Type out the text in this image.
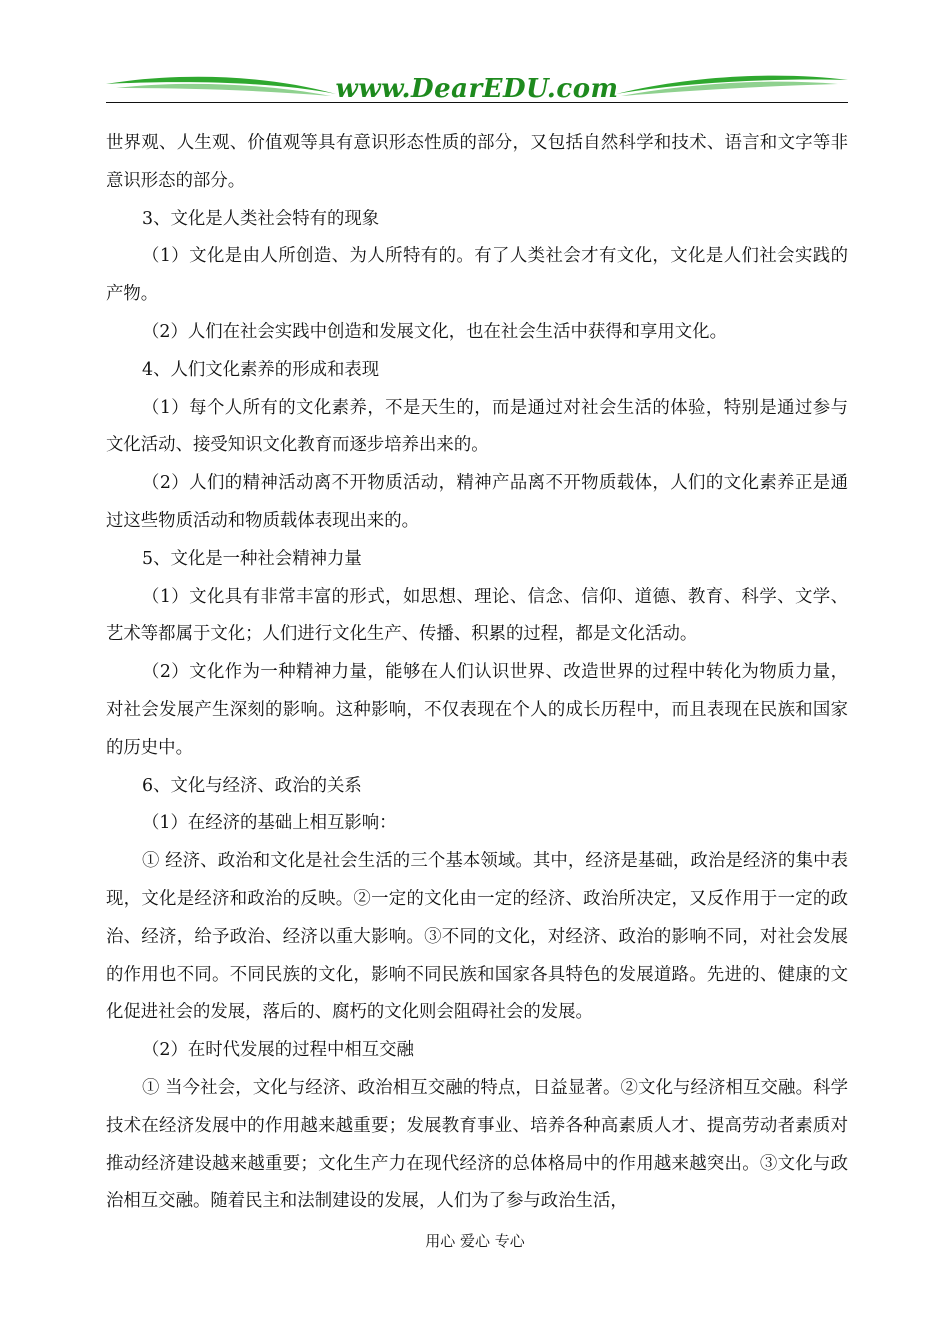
www.DearEDU.com

世界观、人生观、价值观等具有意识形态性质的部分，又包括自然科学和技术、语言和文字等非意识形态的部分。

3、文化是人类社会特有的现象

（1）文化是由人所创造、为人所特有的。有了人类社会才有文化，文化是人们社会实践的产物。

（2）人们在社会实践中创造和发展文化，也在社会生活中获得和享用文化。

4、人们文化素养的形成和表现

（1）每个人所有的文化素养，不是天生的，而是通过对社会生活的体验，特别是通过参与文化活动、接受知识文化教育而逐步培养出来的。

（2）人们的精神活动离不开物质活动，精神产品离不开物质载体，人们的文化素养正是通过这些物质活动和物质载体表现出来的。

5、文化是一种社会精神力量

（1）文化具有非常丰富的形式，如思想、理论、信念、信仰、道德、教育、科学、文学、艺术等都属于文化；人们进行文化生产、传播、积累的过程，都是文化活动。

（2）文化作为一种精神力量，能够在人们认识世界、改造世界的过程中转化为物质力量，对社会发展产生深刻的影响。这种影响，不仅表现在个人的成长历程中，而且表现在民族和国家的历史中。

6、文化与经济、政治的关系

（1）在经济的基础上相互影响：

① 经济、政治和文化是社会生活的三个基本领域。其中，经济是基础，政治是经济的集中表现，文化是经济和政治的反映。②一定的文化由一定的经济、政治所决定，又反作用于一定的政治、经济，给予政治、经济以重大影响。③不同的文化，对经济、政治的影响不同，对社会发展的作用也不同。不同民族的文化，影响不同民族和国家各具特色的发展道路。先进的、健康的文化促进社会的发展，落后的、腐朽的文化则会阻碍社会的发展。

（2）在时代发展的过程中相互交融

① 当今社会，文化与经济、政治相互交融的特点，日益显著。②文化与经济相互交融。科学技术在经济发展中的作用越来越重要；发展教育事业、培养各种高素质人才、提高劳动者素质对推动经济建设越来越重要；文化生产力在现代经济的总体格局中的作用越来越突出。③文化与政治相互交融。随着民主和法制建设的发展，人们为了参与政治生活，

用心 爱心 专心
